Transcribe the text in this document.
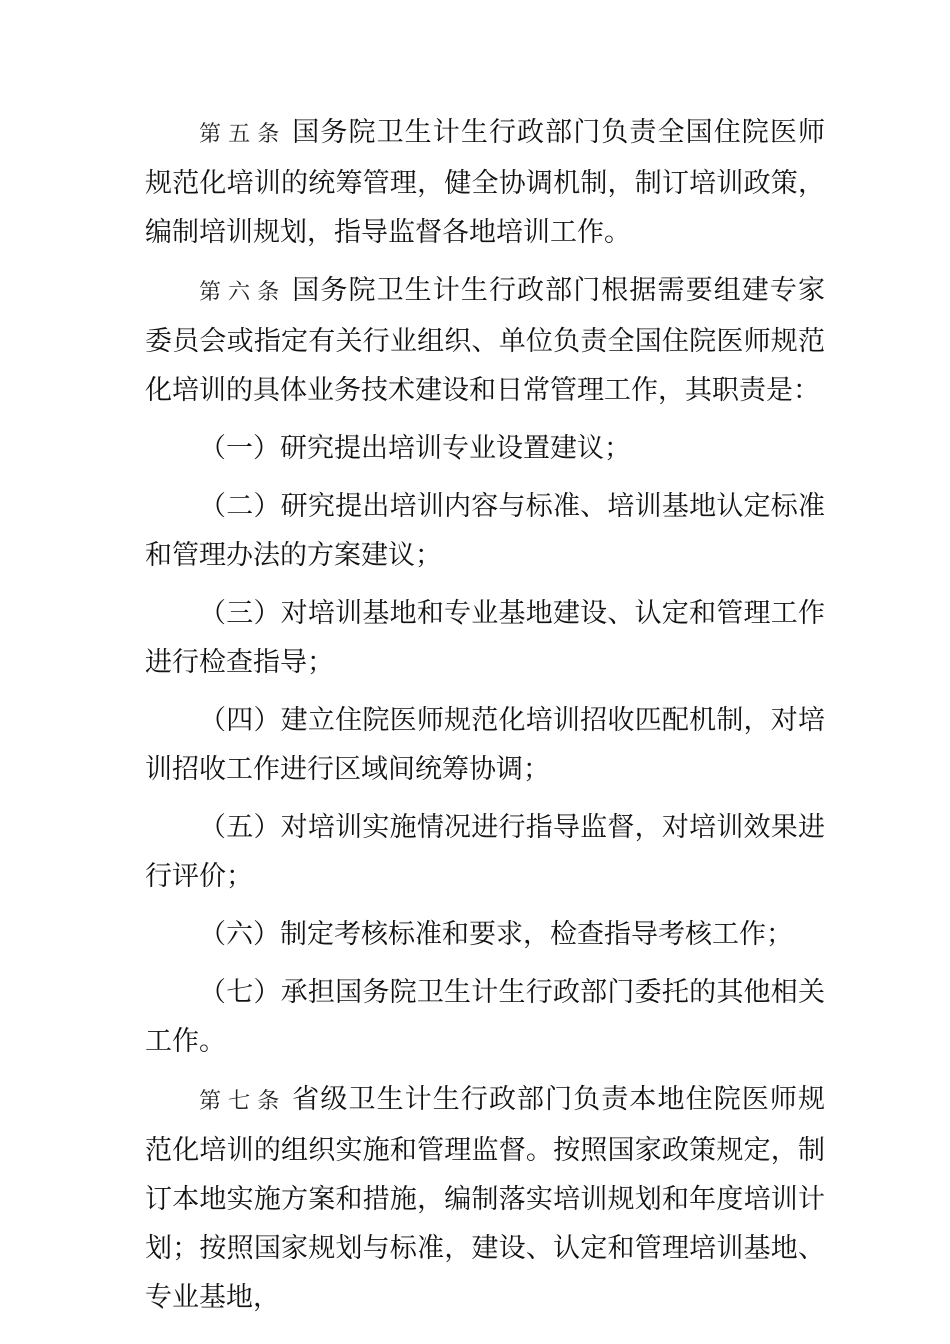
第五条 国务院卫生计生行政部门负责全国住院医师规范化培训的统筹管理，健全协调机制，制订培训政策，编制培训规划，指导监督各地培训工作。

第六条 国务院卫生计生行政部门根据需要组建专家委员会或指定有关行业组织、单位负责全国住院医师规范化培训的具体业务技术建设和日常管理工作，其职责是：

（一）研究提出培训专业设置建议；

（二）研究提出培训内容与标准、培训基地认定标准和管理办法的方案建议；

（三）对培训基地和专业基地建设、认定和管理工作进行检查指导；

（四）建立住院医师规范化培训招收匹配机制，对培训招收工作进行区域间统筹协调；

（五）对培训实施情况进行指导监督，对培训效果进行评价；

（六）制定考核标准和要求，检查指导考核工作；

（七）承担国务院卫生计生行政部门委托的其他相关工作。

第七条 省级卫生计生行政部门负责本地住院医师规范化培训的组织实施和管理监督。按照国家政策规定，制订本地实施方案和措施，编制落实培训规划和年度培训计划；按照国家规划与标准，建设、认定和管理培训基地、专业基地，
